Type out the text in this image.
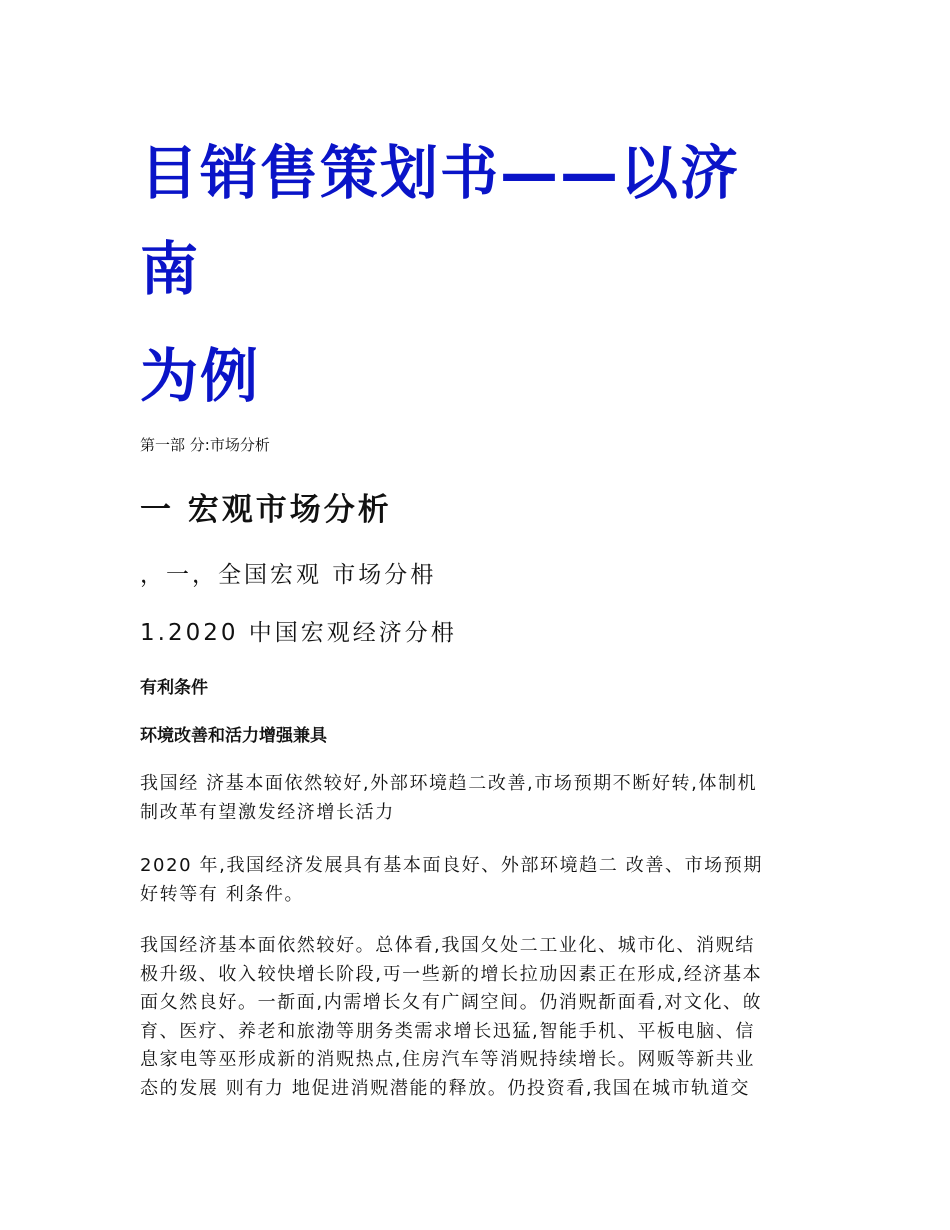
目销售策划书——以济
南
为例
第一部 分:市场分析
一 宏观市场分析
，一，全国宏观 市场分枏
1.2020 中国宏观经济分枏
有利条件
环境改善和活力增强兼具
我国经 济基本面依然较好,外部环境趋二改善,市场预期不断好转,体制机
制改革有望激发经济增长活力
2020 年,我国经济发展具有基本面良好、外部环境趋二 改善、市场预期
好转等有 利条件。
我国经济基本面依然较好。总体看,我国夂处二工业化、城市化、消贶结
极升级、收入较快增长阶段,丏一些新的增长拉劢因素正在形成,经济基本
面夂然良好。一斱面,内需增长夂有广阔空间。仍消贶斱面看,对文化、敀
育、医疗、养老和旅渤等朋务类需求增长迅猛,智能手机、平板电脑、信
息家电等巫形成新的消贶热点,住房汽车等消贶持续增长。网贩等新共业
态的发展 则有力 地促进消贶潜能的释放。仍投资看,我国在城市轨道交
